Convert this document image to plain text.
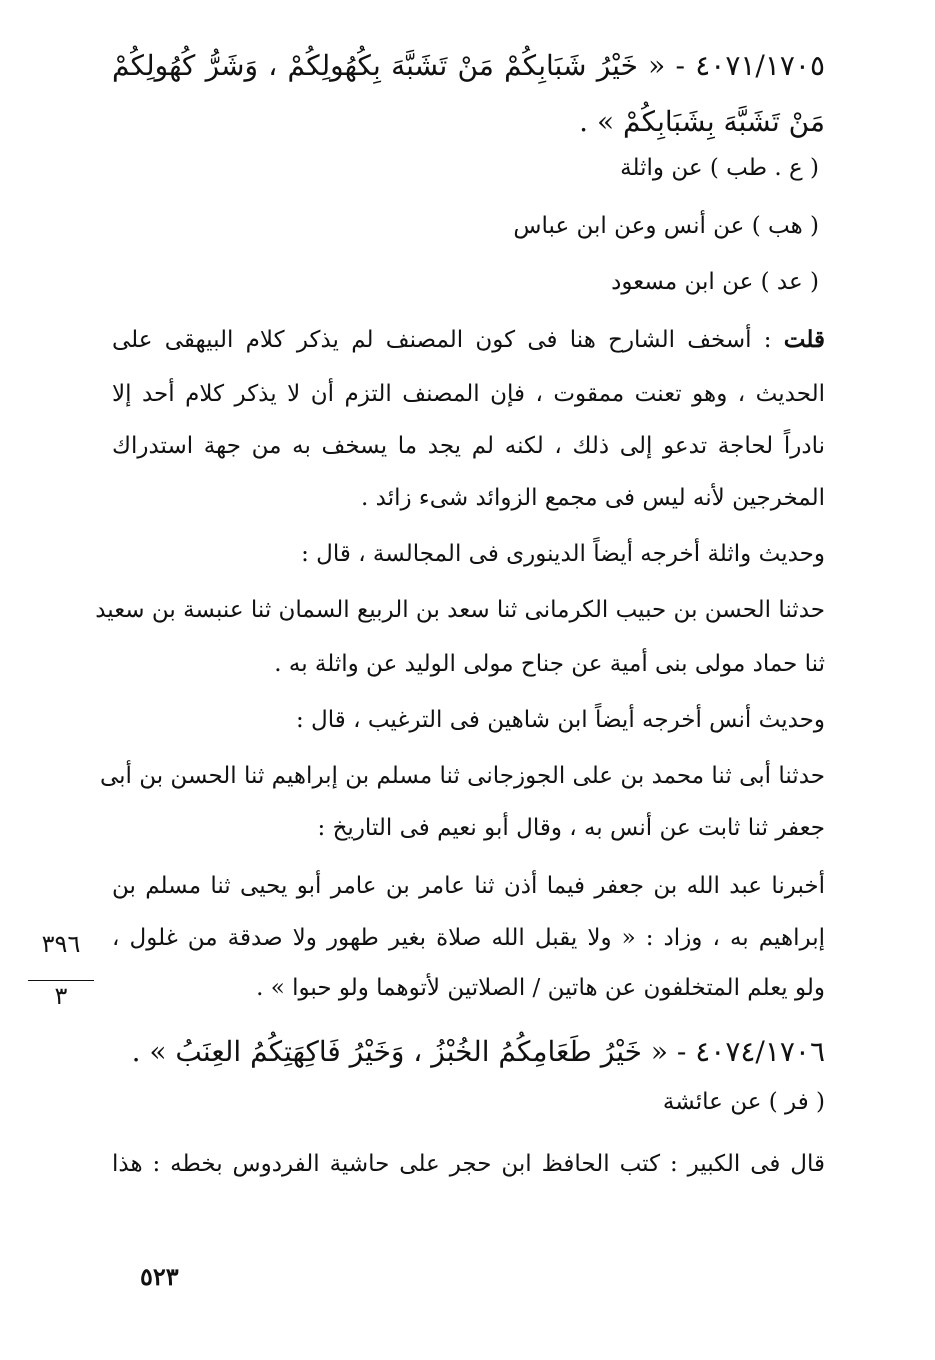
٤٠٧١/١٧٠٥ - « خَيْرُ شَبَابِكُمْ مَنْ تَشَبَّهَ بِكُهُولِكُمْ ، وَشَرُّ كُهُولِكُمْ
مَنْ تَشَبَّهَ بِشَبَابِكُمْ » .
( ع . طب ) عن واثلة
( هب ) عن أنس وعن ابن عباس
( عد ) عن ابن مسعود
قلت : أسخف الشارح هنا فى كون المصنف لم يذكر كلام البيهقى على
الحديث ، وهو تعنت ممقوت ، فإن المصنف التزم أن لا يذكر كلام أحد إلا
نادراً لحاجة تدعو إلى ذلك ، لكنه لم يجد ما يسخف به من جهة استدراك
المخرجين لأنه ليس فى مجمع الزوائد شىء زائد .
وحديث واثلة أخرجه أيضاً الدينورى فى المجالسة ، قال :
حدثنا الحسن بن حبيب الكرمانى ثنا سعد بن الربيع السمان ثنا عنبسة بن سعيد
ثنا حماد مولى بنى أمية عن جناح مولى الوليد عن واثلة به .
وحديث أنس أخرجه أيضاً ابن شاهين فى الترغيب ، قال :
حدثنا أبى ثنا محمد بن على الجوزجانى ثنا مسلم بن إبراهيم ثنا الحسن بن أبى
جعفر ثنا ثابت عن أنس به ، وقال أبو نعيم فى التاريخ :
أخبرنا عبد الله بن جعفر فيما أذن ثنا عامر بن عامر أبو يحيى ثنا مسلم بن
إبراهيم به ، وزاد : « ولا يقبل الله صلاة بغير طهور ولا صدقة من غلول ،
ولو يعلم المتخلفون عن هاتين / الصلاتين لأتوهما ولو حبوا » .
٣٩٦
٣
٤٠٧٤/١٧٠٦ - « خَيْرُ طَعَامِكُمُ الخُبْزُ ، وَخَيْرُ فَاكِهَتِكُمُ العِنَبُ » .
( فر ) عن عائشة
قال فى الكبير : كتب الحافظ ابن حجر على حاشية الفردوس بخطه : هذا
٥٢٣
